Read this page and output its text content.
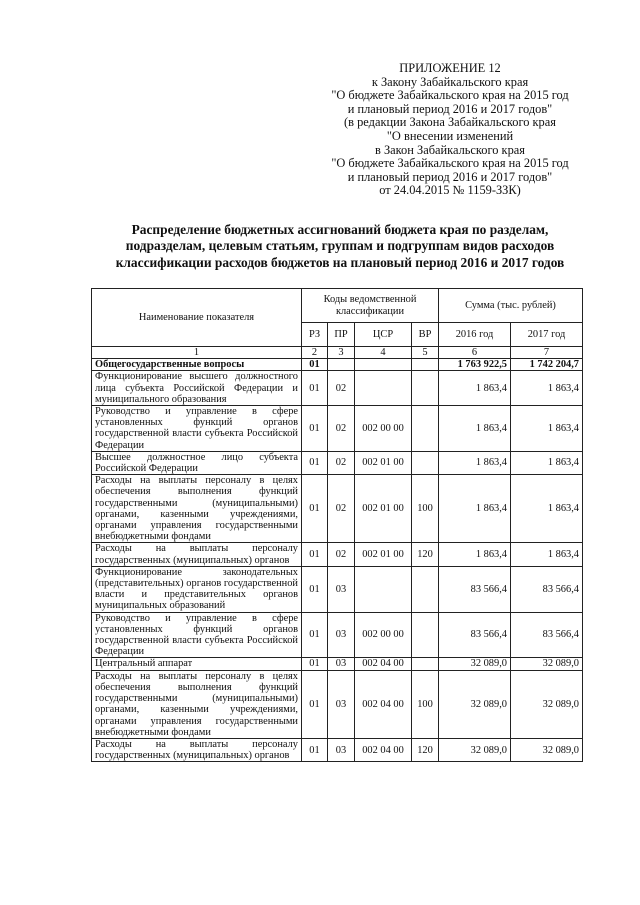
ПРИЛОЖЕНИЕ 12
к Закону Забайкальского края
"О бюджете Забайкальского края на 2015 год
и плановый период 2016 и 2017 годов"
(в редакции Закона Забайкальского края
"О внесении изменений
в Закон Забайкальского края
"О бюджете Забайкальского края на 2015 год
и плановый период 2016 и 2017 годов"
от 24.04.2015 № 1159-ЗЗК)
Распределение бюджетных ассигнований бюджета края по разделам,
подразделам, целевым статьям, группам и подгруппам видов расходов
классификации расходов бюджетов на плановый период 2016 и 2017 годов
Наименование показателя	Коды ведомственной классификации				Сумма (тыс. рублей)	
	РЗ	ПР	ЦСР	ВР	2016 год	2017 год
1	2	3	4	5	6	7
Общегосударственные вопросы	01				1 763 922,5	1 742 204,7
Функционирование высшего должностного лица субъекта Российской Федерации и муниципального образования	01	02			1 863,4	1 863,4
Руководство и управление в сфере установленных функций органов государственной власти субъекта Российской Федерации	01	02	002 00 00		1 863,4	1 863,4
Высшее должностное лицо субъекта Российской Федерации	01	02	002 01 00		1 863,4	1 863,4
Расходы на выплаты персоналу в целях обеспечения выполнения функций государственными (муниципальными) органами, казенными учреждениями, органами управления государственными внебюджетными фондами	01	02	002 01 00	100	1 863,4	1 863,4
Расходы на выплаты персоналу государственных (муниципальных) органов	01	02	002 01 00	120	1 863,4	1 863,4
Функционирование законодательных (представительных) органов государственной власти и представительных органов муниципальных образований	01	03			83 566,4	83 566,4
Руководство и управление в сфере установленных функций органов государственной власти субъекта Российской Федерации	01	03	002 00 00		83 566,4	83 566,4
Центральный аппарат	01	03	002 04 00		32 089,0	32 089,0
Расходы на выплаты персоналу в целях обеспечения выполнения функций государственными (муниципальными) органами, казенными учреждениями, органами управления государственными внебюджетными фондами	01	03	002 04 00	100	32 089,0	32 089,0
Расходы на выплаты персоналу государственных (муниципальных) органов	01	03	002 04 00	120	32 089,0	32 089,0
